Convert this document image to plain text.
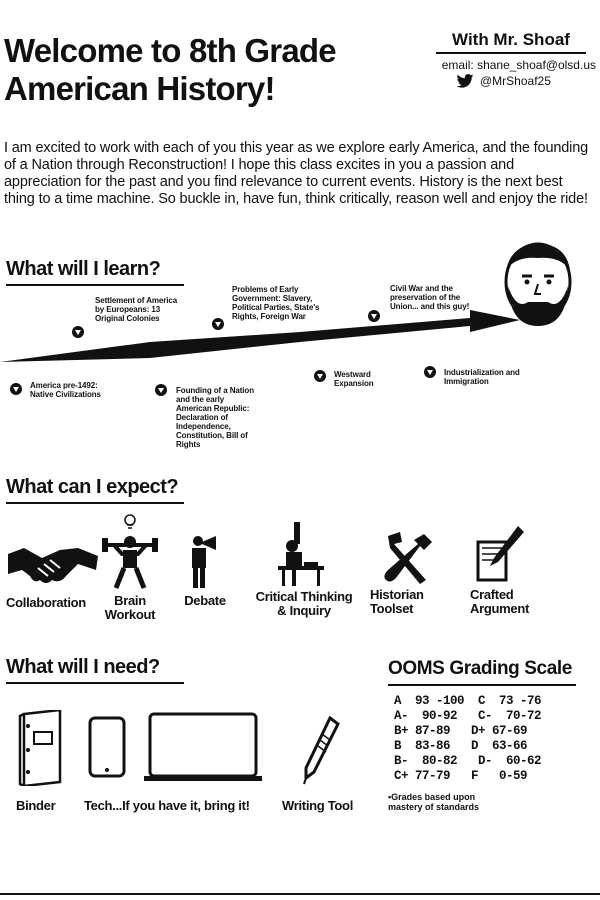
Welcome to 8th Grade
American History!
With Mr. Shoaf
email: shane_shoaf@olsd.us
@MrShoaf25
I am excited to work with each of you this year as we explore early America, and the founding of a Nation through Reconstruction! I hope this class excites in you a passion and appreciation for the past and you find relevance to current events. History is the next best thing to a time machine. So buckle in, have fun, think critically, reason well and enjoy the ride!
What will I learn?
Settlement of America by Europeans: 13 Original Colonies
Problems of Early Government: Slavery, Political Parties, State's Rights, Foreign War
Civil War and the preservation of the Union... and this guy!
America pre-1492: Native Civilizations	Founding of a Nation and the early American Republic: Declaration of Independence, Constitution, Bill of Rights
Westward Expansion
Industrialization and Immigration
What can I expect?
Collaboration	Brain Workout
Debate	Critical Thinking & Inquiry
Historian Toolset
Crafted Argument
What will I need?
Binder Tech...If you have it, bring it! Writing Tool
OOMS Grading Scale
A  93 -100  C  73 -76
A-  90-92   C-  70-72
B+ 87-89   D+ 67-69
B  83-86   D  63-66
B-  80-82   D-  60-62
C+ 77-79   F   0-59
•Grades based upon
mastery of standards
